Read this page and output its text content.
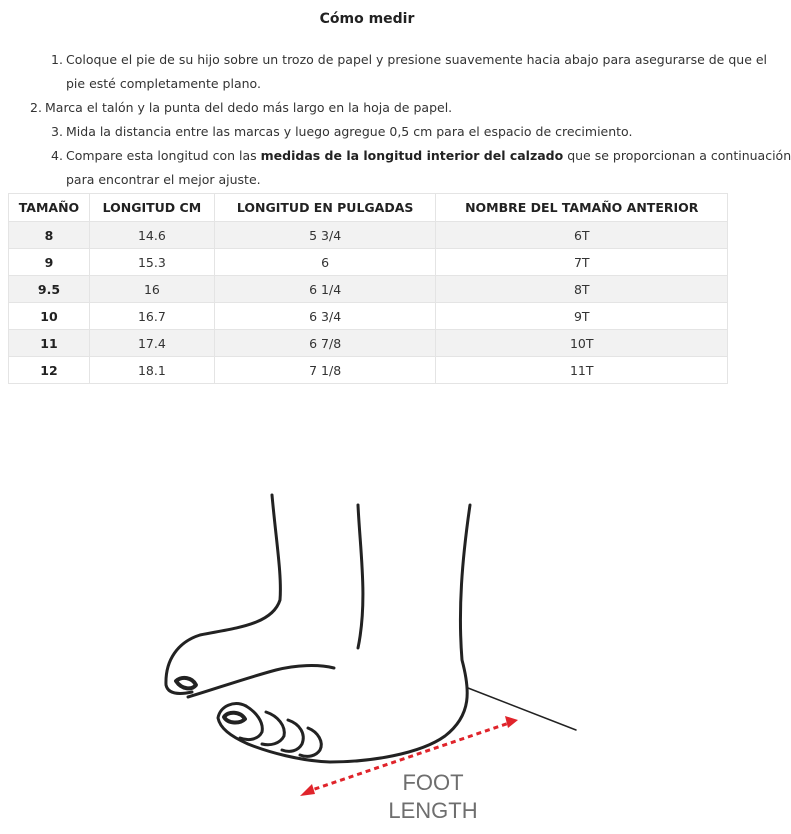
Cómo medir
1. Coloque el pie de su hijo sobre un trozo de papel y presione suavemente hacia abajo para asegurarse de que el
pie esté completamente plano.
2. Marca el talón y la punta del dedo más largo en la hoja de papel.
3. Mida la distancia entre las marcas y luego agregue 0,5 cm para el espacio de crecimiento.
4. Compare esta longitud con las medidas de la longitud interior del calzado que se proporcionan a continuación
para encontrar el mejor ajuste.
TAMAÑO	LONGITUD CM	LONGITUD EN PULGADAS	NOMBRE DEL TAMAÑO ANTERIOR
8	14.6	5 3/4	6T
9	15.3	6	7T
9.5	16	6 1/4	8T
10	16.7	6 3/4	9T
11	17.4	6 7/8	10T
12	18.1	7 1/8	11T
FOOT
LENGTH
